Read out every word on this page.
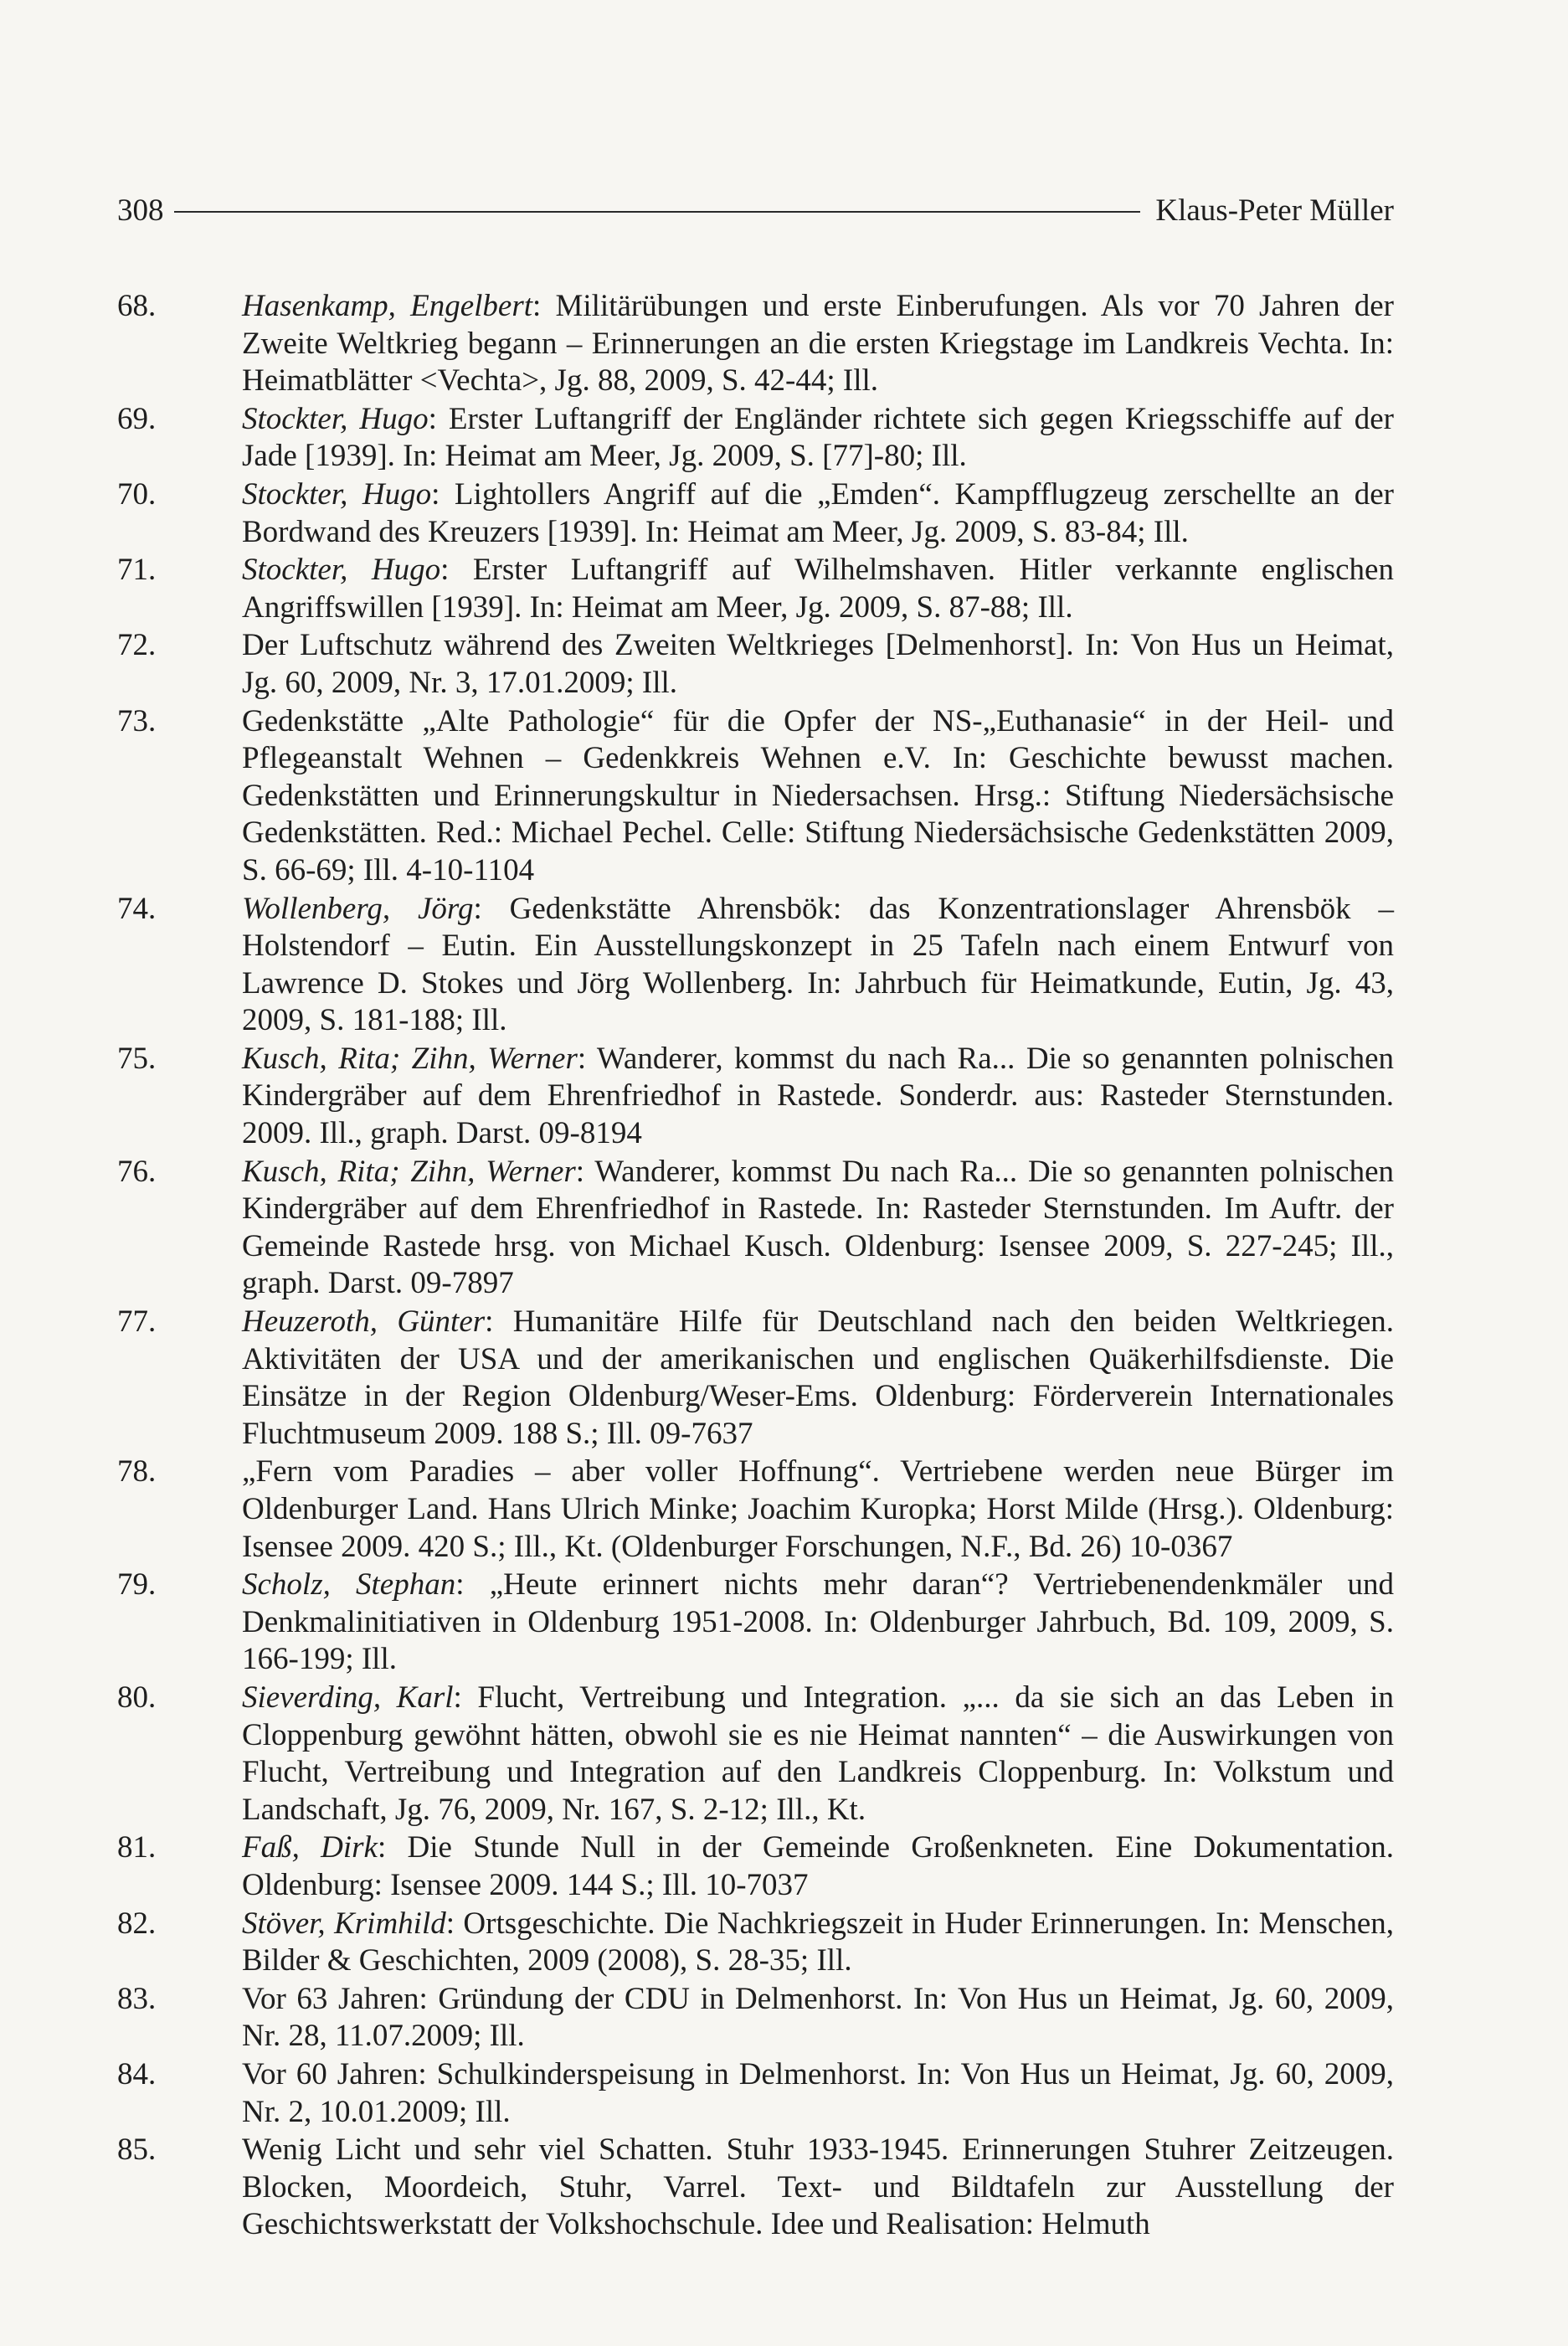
308	Klaus-Peter Müller
68.	Hasenkamp, Engelbert: Militärübungen und erste Einberufungen. Als vor 70 Jahren der Zweite Weltkrieg begann – Erinnerungen an die ersten Kriegstage im Landkreis Vechta. In: Heimatblätter <Vechta>, Jg. 88, 2009, S. 42-44; Ill.
69.	Stockter, Hugo: Erster Luftangriff der Engländer richtete sich gegen Kriegsschiffe auf der Jade [1939]. In: Heimat am Meer, Jg. 2009, S. [77]-80; Ill.
70.	Stockter, Hugo: Lightollers Angriff auf die „Emden“. Kampfflugzeug zerschellte an der Bordwand des Kreuzers [1939]. In: Heimat am Meer, Jg. 2009, S. 83-84; Ill.
71.	Stockter, Hugo: Erster Luftangriff auf Wilhelmshaven. Hitler verkannte englischen Angriffswillen [1939]. In: Heimat am Meer, Jg. 2009, S. 87-88; Ill.
72.	Der Luftschutz während des Zweiten Weltkrieges [Delmenhorst]. In: Von Hus un Heimat, Jg. 60, 2009, Nr. 3, 17.01.2009; Ill.
73.	Gedenkstätte „Alte Pathologie“ für die Opfer der NS-„Euthanasie“ in der Heil- und Pflegeanstalt Wehnen – Gedenkkreis Wehnen e.V. In: Geschichte bewusst machen. Gedenkstätten und Erinnerungskultur in Niedersachsen. Hrsg.: Stiftung Niedersächsische Gedenkstätten. Red.: Michael Pechel. Celle: Stiftung Niedersächsische Gedenkstätten 2009, S. 66-69; Ill. 4-10-1104
74.	Wollenberg, Jörg: Gedenkstätte Ahrensbök: das Konzentrationslager Ahrensbök – Holstendorf – Eutin. Ein Ausstellungskonzept in 25 Tafeln nach einem Entwurf von Lawrence D. Stokes und Jörg Wollenberg. In: Jahrbuch für Heimatkunde, Eutin, Jg. 43, 2009, S. 181-188; Ill.
75.	Kusch, Rita; Zihn, Werner: Wanderer, kommst du nach Ra... Die so genannten polnischen Kindergräber auf dem Ehrenfriedhof in Rastede. Sonderdr. aus: Rasteder Sternstunden. 2009. Ill., graph. Darst. 09-8194
76.	Kusch, Rita; Zihn, Werner: Wanderer, kommst Du nach Ra... Die so genannten polnischen Kindergräber auf dem Ehrenfriedhof in Rastede. In: Rasteder Sternstunden. Im Auftr. der Gemeinde Rastede hrsg. von Michael Kusch. Oldenburg: Isensee 2009, S. 227-245; Ill., graph. Darst. 09-7897
77.	Heuzeroth, Günter: Humanitäre Hilfe für Deutschland nach den beiden Weltkriegen. Aktivitäten der USA und der amerikanischen und englischen Quäkerhilfsdienste. Die Einsätze in der Region Oldenburg/Weser-Ems. Oldenburg: Förderverein Internationales Fluchtmuseum 2009. 188 S.; Ill. 09-7637
78.	„Fern vom Paradies – aber voller Hoffnung“. Vertriebene werden neue Bürger im Oldenburger Land. Hans Ulrich Minke; Joachim Kuropka; Horst Milde (Hrsg.). Oldenburg: Isensee 2009. 420 S.; Ill., Kt. (Oldenburger Forschungen, N.F., Bd. 26) 10-0367
79.	Scholz, Stephan: „Heute erinnert nichts mehr daran“? Vertriebenendenkmäler und Denkmalinitiativen in Oldenburg 1951-2008. In: Oldenburger Jahrbuch, Bd. 109, 2009, S. 166-199; Ill.
80.	Sieverding, Karl: Flucht, Vertreibung und Integration. „... da sie sich an das Leben in Cloppenburg gewöhnt hätten, obwohl sie es nie Heimat nannten“ – die Auswirkungen von Flucht, Vertreibung und Integration auf den Landkreis Cloppenburg. In: Volkstum und Landschaft, Jg. 76, 2009, Nr. 167, S. 2-12; Ill., Kt.
81.	Faß, Dirk: Die Stunde Null in der Gemeinde Großenkneten. Eine Dokumentation. Oldenburg: Isensee 2009. 144 S.; Ill. 10-7037
82.	Stöver, Krimhild: Ortsgeschichte. Die Nachkriegszeit in Huder Erinnerungen. In: Menschen, Bilder & Geschichten, 2009 (2008), S. 28-35; Ill.
83.	Vor 63 Jahren: Gründung der CDU in Delmenhorst. In: Von Hus un Heimat, Jg. 60, 2009, Nr. 28, 11.07.2009; Ill.
84.	Vor 60 Jahren: Schulkinderspeisung in Delmenhorst. In: Von Hus un Heimat, Jg. 60, 2009, Nr. 2, 10.01.2009; Ill.
85.	Wenig Licht und sehr viel Schatten. Stuhr 1933-1945. Erinnerungen Stuhrer Zeitzeugen. Blocken, Moordeich, Stuhr, Varrel. Text- und Bildtafeln zur Ausstellung der Geschichtswerkstatt der Volkshochschule. Idee und Realisation: Helmuth
